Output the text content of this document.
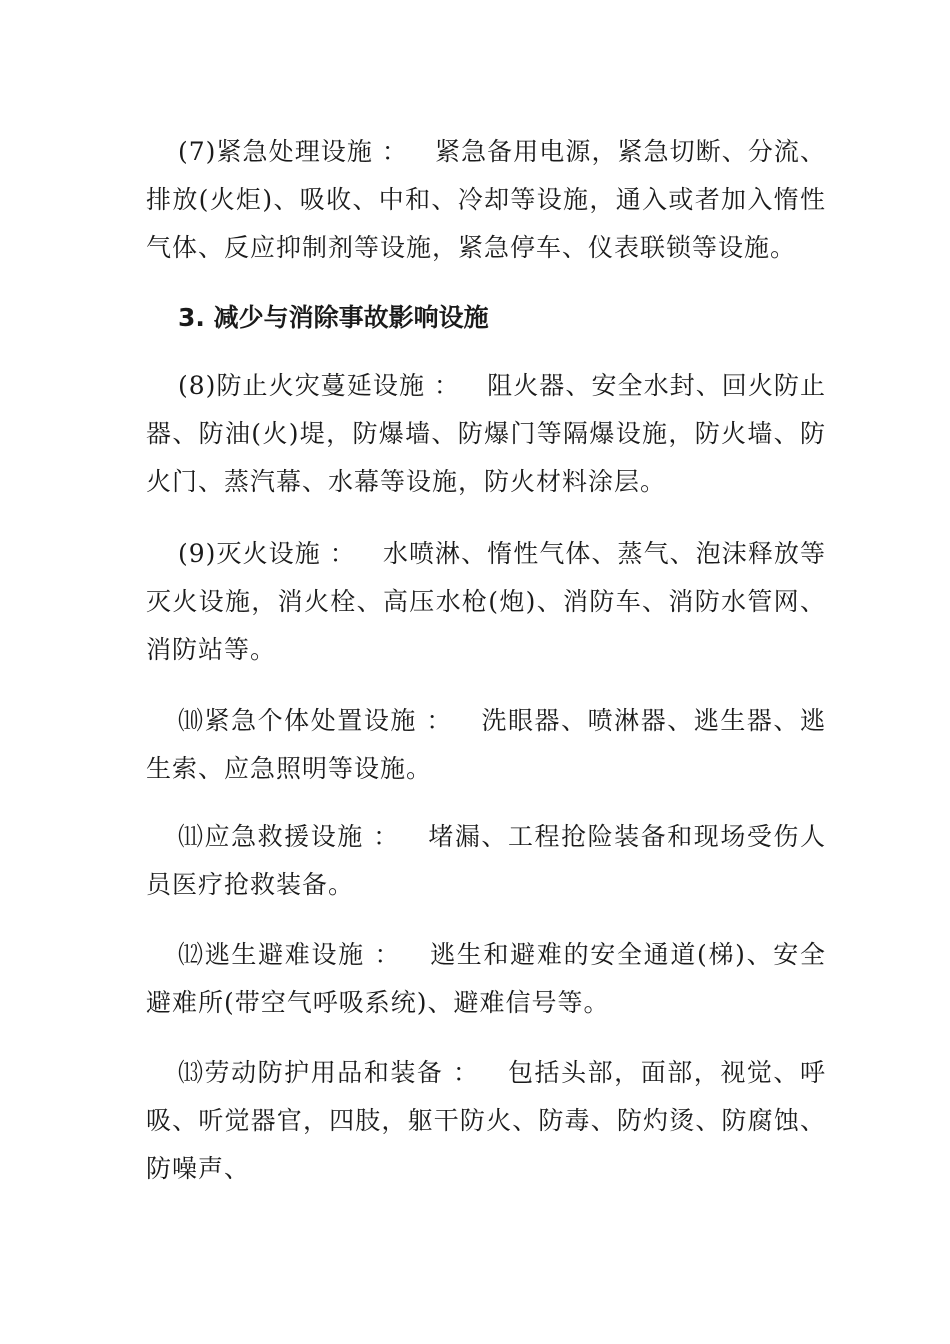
(7)紧急处理设施 ： 紧急备用电源，紧急切断、分流、排放(火炬)、吸收、中和、冷却等设施，通入或者加入惰性气体、反应抑制剂等设施，紧急停车、仪表联锁等设施。

3. 减少与消除事故影响设施

(8)防止火灾蔓延设施 ： 阻火器、安全水封、回火防止器、防油(火)堤，防爆墙、防爆门等隔爆设施，防火墙、防火门、蒸汽幕、水幕等设施，防火材料涂层。

(9)灭火设施 ： 水喷淋、惰性气体、蒸气、泡沫释放等灭火设施，消火栓、高压水枪(炮)、消防车、消防水管网、消防站等。

⑽紧急个体处置设施 ： 洗眼器、喷淋器、逃生器、逃生索、应急照明等设施。

⑾应急救援设施 ： 堵漏、工程抢险装备和现场受伤人员医疗抢救装备。

⑿逃生避难设施 ： 逃生和避难的安全通道(梯)、安全避难所(带空气呼吸系统)、避难信号等。

⒀劳动防护用品和装备 ： 包括头部，面部，视觉、呼吸、听觉器官，四肢，躯干防火、防毒、防灼烫、防腐蚀、防噪声、
